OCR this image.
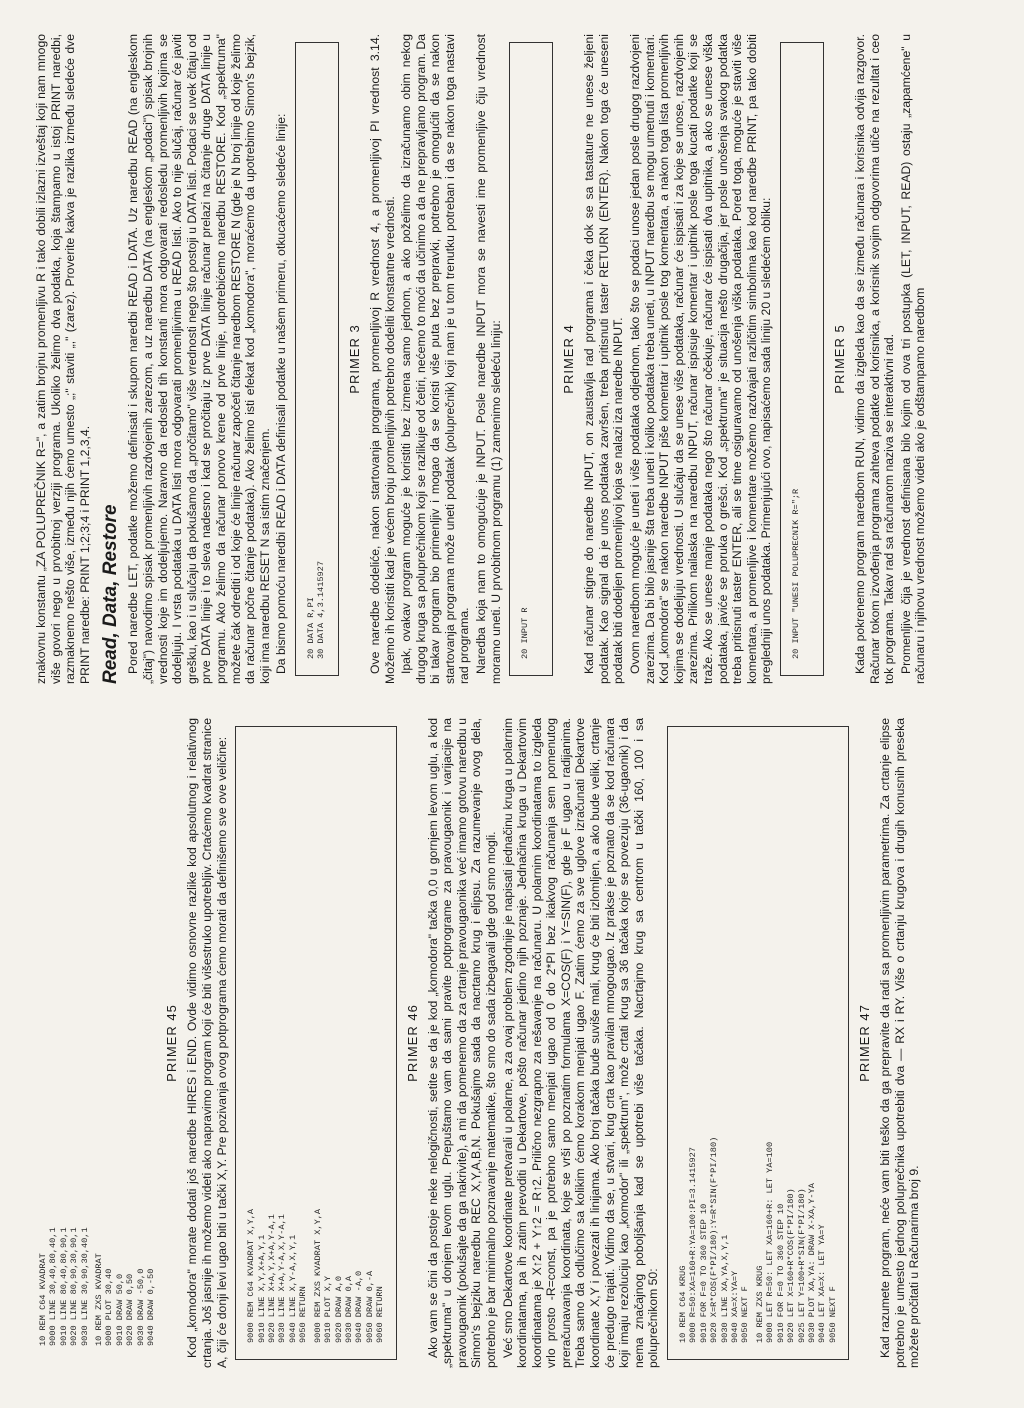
10 REM C64 KVADRAT 9000 LINE 30,40,80,40,1 9010 LINE 80,40,80,90,1 9020 LINE 80,90,30,90,1 9030 LINE 30,90,30,40,1 10 REM ZXS KVADRAT 9000 PLOT 30,40 9010 DRAW 50,0 9020 DRAW 0,50 9030 DRAW -50,0 9040 DRAW 0,-50
PRIMER 45 Kod „komodora" morate dodati još naredbe HIRES i END. Ovde vidimo osnovne razlike kod apsolutnog i relativnog crtanja. Još jasnije ih možemo videti ako napravimo program koji će biti višestruko upotrebljiv. Crtaćemo kvadrat stranice A, čiji će donji levi ugao biti u tački X,Y. Pre pozivanja ovog potprograma ćemo morati da definišemo sve ove veličine: 9000 REM C64 KVADRAT X,Y,A 9010 LINE X,Y,X+A,Y,1 9020 LINE X+A,Y,X+A,Y-A,1 9030 LINE X+A,Y-A,X,Y-A,1 9040 LINE X,Y-A,X,Y,1 9050 RETURN 9000 REM ZXS KVADRAT X,Y,A 9010 PLOT X,Y 9020 DRAW A,0 9030 DRAW 0,A 9040 DRAW -A,0 9050 DRAW 0,-A 9060 RETURN
PRIMER 46 Ako vam se čini da postoje neke nelogičnosti, setite se da je kod „komodora" tačka 0,0 u gornjem levom uglu, a kod „spektruma" u donjem levom uglu. Prepuštamo vam da sami pravite potprograme za pravougaonik i varijacije na pravougaonik (pokušajte da ga nakrivite), a mi da pomenemo da za crtanje pravougaonika već imamo gotovu naredbu u Simon's bejziku naredbu REC X,Y,A,B,N. Pokušajmo sada da nacrtamo krug i elipsu. Za razumevanje ovog dela, potrebno je bar minimalno poznavanje matematike, što smo do sada izbegavali gde god smo mogli. Već smo Dekartove koordinate pretvarali u polarne, a za ovaj problem zgodnije je napisati jednačinu kruga u polarnim koordinatama, pa ih zatim prevoditi u Dekartove, pošto računar jedino njih poznaje. Jednačina kruga u Dekartovim koordinatama je X↑2 + Y↑2 = R↑2. Prilično nezgrapno za rešavanje na računaru. U polarnim koordinatama to izgleda vrlo prosto -R=const, pa je potrebno samo menjati ugao od 0 do 2*PI bez ikakvog računanja sem pomenutog preračunavanja koordinata, koje se vrši po poznatim formulama X=COS(F) i Y=SIN(F), gde je F ugao u radijanima. Treba samo da odlučimo sa kolikim ćemo korakom menjati ugao F. Zatim ćemo za sve uglove izračunati Dekartove koordinate X,Y i povezati ih linijama. Ako broj tačaka bude suviše mali, krug će biti izlomljen, a ako bude veliki, crtanje će predugo trajati. Vidimo da se, u stvari, krug crta kao pravilan mnogougao. Iz prakse je poznato da se kod računara koji imaju rezoluciju kao „komodor" ili „spektrum", može crtati krug sa 36 tačaka koje se povezuju (36-ugaonik) i da nema značajnog poboljšanja kad se upotrebi više tačaka. Nacrtajmo krug sa centrom u tački 160, 100 i sa poluprečnikom 50: 10 REM C64 KRUG 9000 R=50:XA=160+R:YA=100:PI=3.1415927 9010 FOR F=0 TO 360 STEP 10 9020 X=R*COS(F*PI/180):Y=R*SIN(F*PI/180) 9030 LINE XA,YA,X,Y,1 9040 XA=X:YA=Y 9050 NEXT F 10 REM ZXS KRUG 9000 LET R=50: LET XA=160+R: LET YA=100 9010 FOR F=0 TO 360 STEP 10 9020 LET X=160+R*COS(F*PI/180) 9025 LET Y=100+R*SIN(F*PI/180) 9030 PLOT XA,YA: DRAW X-XA,Y-YA 9040 LET XA=X: LET YA=Y 9050 NEXT F
PRIMER 47 Kad razumete program, neće vam biti teško da ga prepravite da radi sa promenljivim parametrima. Za crtanje elipse potrebno je umesto jednog poluprečnika upotrebiti dva — RX i RY. Više o crtanju krugova i drugih konusnih preseka možete pročitati u Računarima broj 9.

znakovnu konstantu „ZA POLUPREČNIK R=", a zatim brojnu promenljivu R i tako dobili izlazni izveštaj koji nam mnogo više govori nego u prvobitnoj verziji programa. Ukoliko želimo dva podatka, koja štampamo u istoj PRINT naredbi, razmaknemo nešto više, između njih ćemo umesto „;" staviti „," (zarez). Proverite kakva je razlika između sledeće dve PRINT naredbe: PRINT 1;2;3;4 i PRINT 1,2,3,4. Read, Data, Restore Pored naredbe LET, podatke možemo definisati i skupom naredbi READ i DATA. Uz naredbu READ (na engleskom „čitaj") navodimo spisak promenljivih razdvojenih zarezom, a uz naredbu DATA (na engleskom „podaci") spisak brojnih vrednosti koje im dodeljujemo. Naravno da redosled tih konstanti mora odgovarati redosledu promenljivih kojima se dodeljuju. I vrsta podataka u DATA listi mora odgovarati promenljivima u READ listi. Ako to nije slučaj, računar će javiti grešku, kao i u slučaju da pokušamo da „pročitamo" više vrednosti nego što postoji u DATA listi. Podaci se uvek čitaju od prve DATA linije i to sleva nadesno i kad se pročitaju iz prve DATA linije računar prelazi na čitanje druge DATA linije u programu. Ako želimo da računar ponovo krene od prve linije, upotrebićemo naredbu RESTORE. Kod „spektruma" možete čak odrediti i od koje će linije računar započeti čitanje naredbom RESTORE N (gde je N broj linije od koje želimo da računar počne čitanje podataka). Ako želimo isti efekat kod „komodora", moraćemo da upotrebimo Simon's bejzik, koji ima naredbu RESET N sa istim značenjem. Da bismo pomoću naredbi READ i DATA definisali podatke u našem primeru, otkucaćemo sledeće linije: 20 DATA R,PI 30 DATA 4,3.1415927
PRIMER 3 Ove naredbe dodeliće, nakon startovanja programa, promenljivoj R vrednost 4, a promenljivoj PI vrednost 3.14. Možemo ih koristiti kad je većem broju promenljivih potrebno dodeliti konstantne vrednosti. Ipak, ovakav program moguće je koristiti bez izmena samo jednom, a ako poželimo da izračunamo obim nekog drugog kruga sa poluprečnikom koji se razlikuje od četiri, nećemo to moći da učinimo a da ne prepravljamo program. Da bi takav program bio primenljiv i mogao da se koristi više puta bez prepravki, potrebno je omogućiti da se nakon startovanja programa može uneti podatak (poluprečnik) koji nam je u tom trenutku potreban i da se nakon toga nastavi rad programa. Naredba koja nam to omogućuje je INPUT. Posle naredbe INPUT mora se navesti ime promenljive čiju vrednost moramo uneti. U prvobitnom programu (1) zamenimo sledeću liniju: 20 INPUT R
PRIMER 4 Kad računar stigne do naredbe INPUT, on zaustavlja rad programa i čeka dok se sa tastature ne unese željeni podatak. Kao signal da je unos podataka završen, treba pritisnuti taster RETURN (ENTER). Nakon toga će uneseni podatak biti dodeljen promenljivoj koja se nalazi iza naredbe INPUT. Ovom naredbom moguće je uneti i više podataka odjednom, tako što se podaci unose jedan posle drugog razdvojeni zarezima. Da bi bilo jasnije šta treba uneti i koliko podataka treba uneti, u INPUT naredbu se mogu umetnuti i komentari. Kod „komodora" se nakon naredbe INPUT piše komentar i upitnik posle tog komentara, a nakon toga lista promenljivih kojima se dodeljuju vrednosti. U slučaju da se unese više podataka, računar će ispisati i za koje se unose, razdvojenih zarezima. Prilikom nailaska na naredbu INPUT, računar ispisuje komentar i upitnik posle toga kucati podatke koji se traže. Ako se unese manje podataka nego što računar očekuje, računar će ispisati dva upitnika, a ako se unese viška podataka, javiće se poruka o grešci. Kod „spektruma" je situacija nešto drugačija, jer posle unošenja svakog podatka treba pritisnuti taster ENTER, ali se time osiguravamo od unošenja viška podataka. Pored toga, moguće je staviti više komentara, a promenljive i komentare možemo razdvajati različitim simbolima kao kod naredbe PRINT, pa tako dobiti pregledniji unos podataka. Primenjujući ovo, napisaćemo sada liniju 20 u sledećem obliku: 20 INPUT "UNESI POLUPRECNIK R=";R
PRIMER 5 Kada pokrenemo program naredbom RUN, vidimo da izgleda kao da se između računara i korisnika odvija razgovor. Računar tokom izvođenja programa zahteva podatke od korisnika, a korisnik svojim odgovorima utiče na rezultat i ceo tok programa. Takav rad sa računarom naziva se interaktivni rad. Promenljive čija je vrednost definisana bilo kojim od ova tri postupka (LET, INPUT, READ) ostaju „zapamćene" u računaru i njihovu vrednost možemo videti ako je odštampamo naredbom
